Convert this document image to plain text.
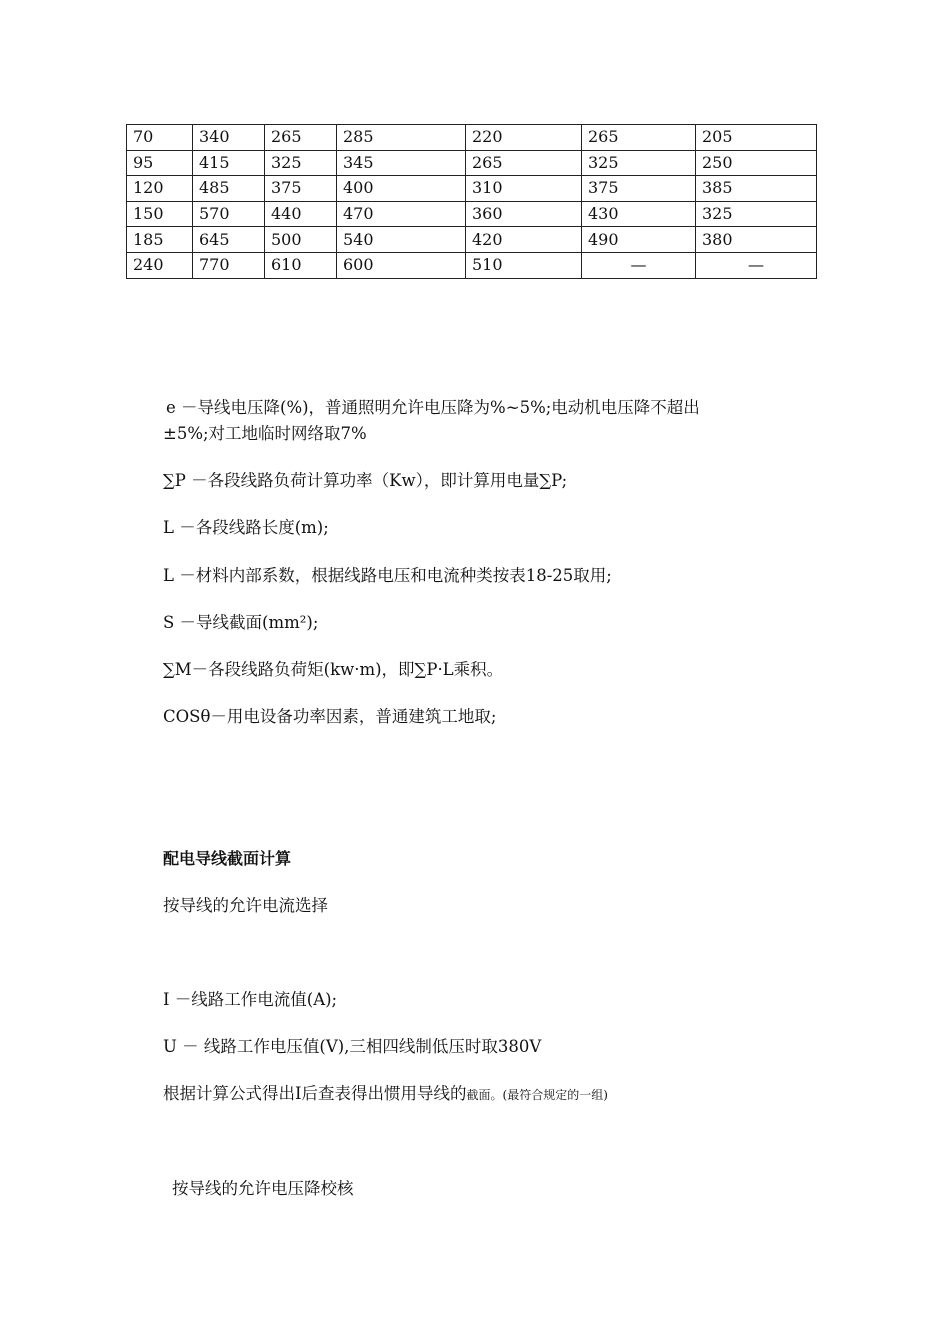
70	340	265	285	220	265	205
95	415	325	345	265	325	250
120	485	375	400	310	375	385
150	570	440	470	360	430	325
185	645	500	540	420	490	380
240	770	610	600	510	—	—
e －导线电压降(%)，普通照明允许电压降为%~5%;电动机电压降不超出
±5%;对工地临时网络取7%
∑P －各段线路负荷计算功率（Kw），即计算用电量∑P;
L －各段线路长度(m);
L －材料内部系数，根据线路电压和电流种类按表18-25取用;
S －导线截面(mm²);
∑M－各段线路负荷矩(kw·m)，即∑P·L乘积。
COSθ－用电设备功率因素，普通建筑工地取;
配电导线截面计算
按导线的允许电流选择
I －线路工作电流值(A);
U － 线路工作电压值(V),三相四线制低压时取380V
根据计算公式得出I后查表得出惯用导线的截面。(最符合规定的一组)
按导线的允许电压降校核
